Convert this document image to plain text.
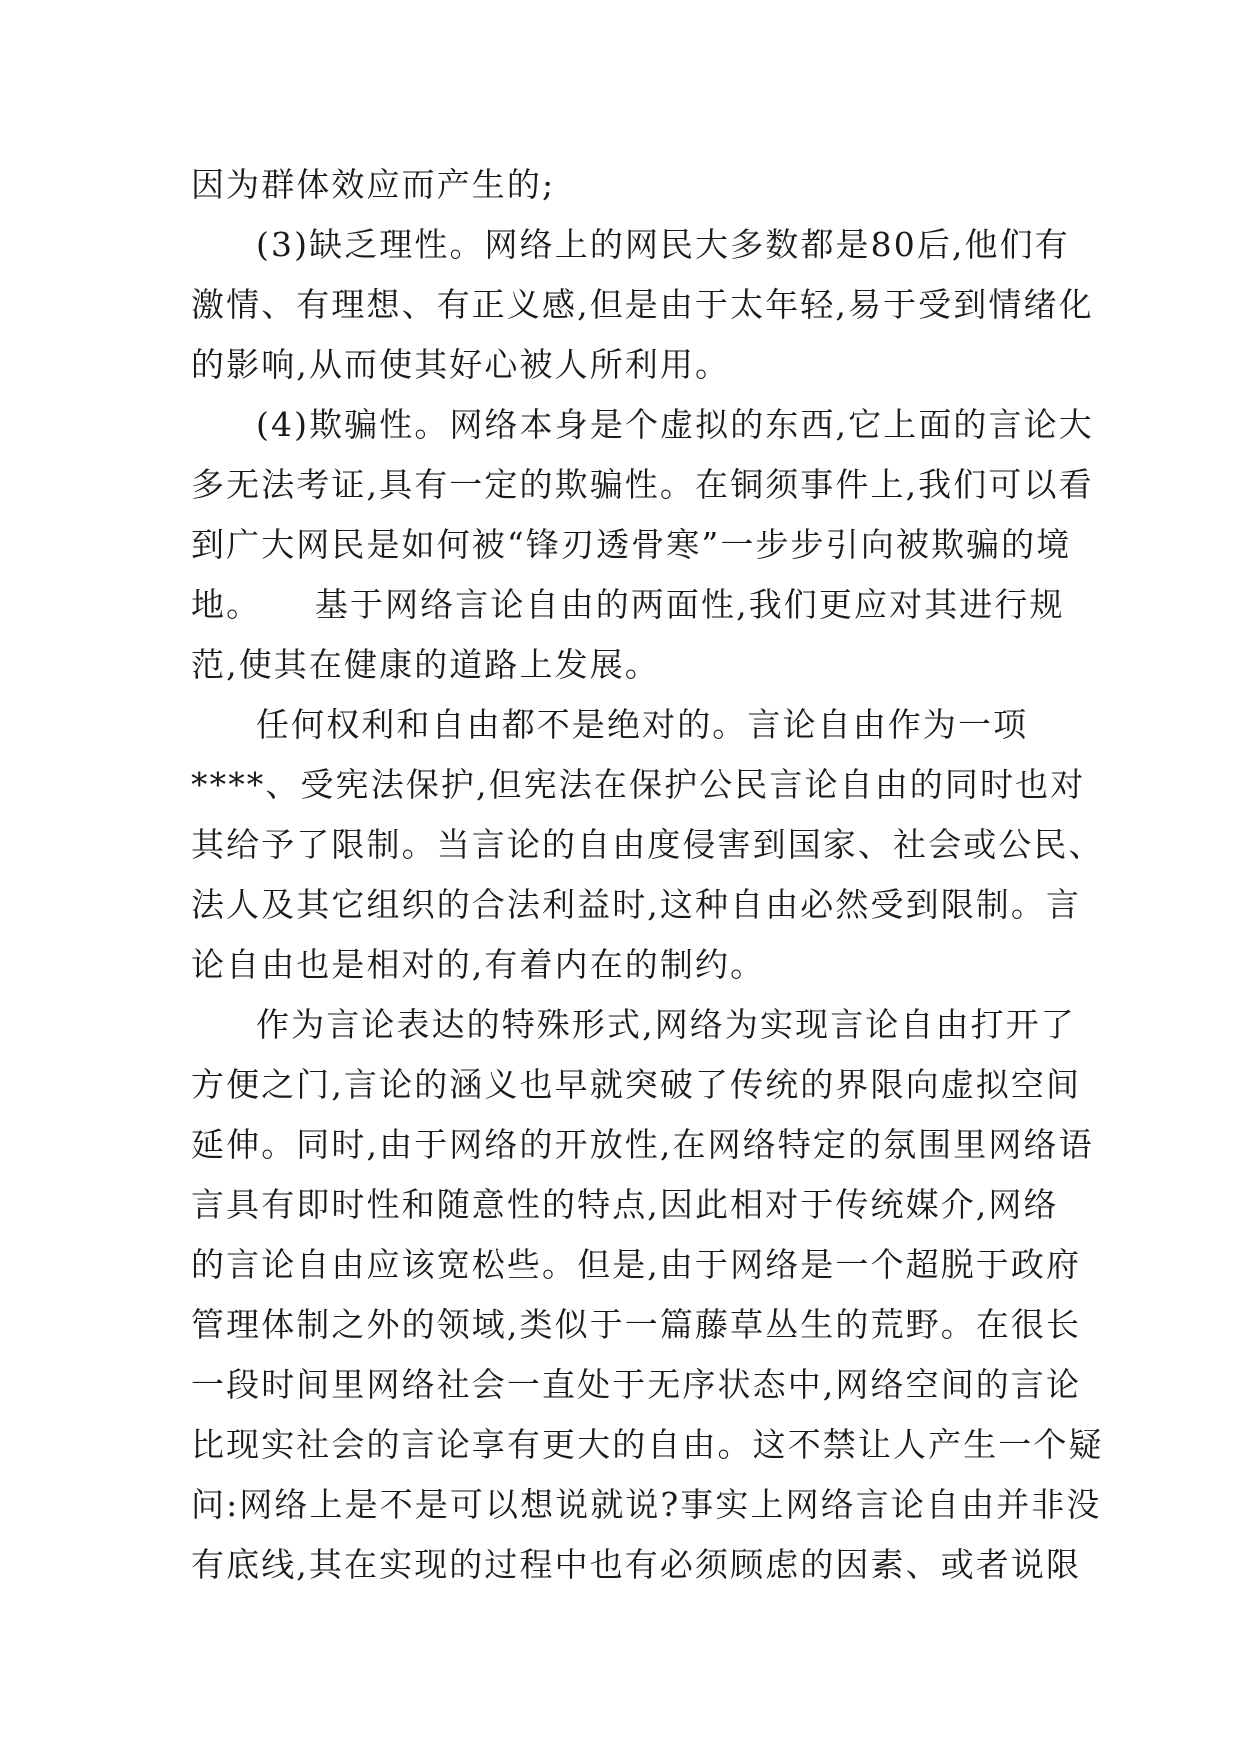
因为群体效应而产生的;
(3)缺乏理性。网络上的网民大多数都是80后,他们有
激情、有理想、有正义感,但是由于太年轻,易于受到情绪化
的影响,从而使其好心被人所利用。
(4)欺骗性。网络本身是个虚拟的东西,它上面的言论大
多无法考证,具有一定的欺骗性。在铜须事件上,我们可以看
到广大网民是如何被“锋刃透骨寒”一步步引向被欺骗的境
地。　　基于网络言论自由的两面性,我们更应对其进行规
范,使其在健康的道路上发展。
任何权利和自由都不是绝对的。言论自由作为一项
****、受宪法保护,但宪法在保护公民言论自由的同时也对
其给予了限制。当言论的自由度侵害到国家、社会或公民、
法人及其它组织的合法利益时,这种自由必然受到限制。言
论自由也是相对的,有着内在的制约。
作为言论表达的特殊形式,网络为实现言论自由打开了
方便之门,言论的涵义也早就突破了传统的界限向虚拟空间
延伸。同时,由于网络的开放性,在网络特定的氛围里网络语
言具有即时性和随意性的特点,因此相对于传统媒介,网络
的言论自由应该宽松些。但是,由于网络是一个超脱于政府
管理体制之外的领域,类似于一篇藤草丛生的荒野。在很长
一段时间里网络社会一直处于无序状态中,网络空间的言论
比现实社会的言论享有更大的自由。这不禁让人产生一个疑
问:网络上是不是可以想说就说?事实上网络言论自由并非没
有底线,其在实现的过程中也有必须顾虑的因素、或者说限
